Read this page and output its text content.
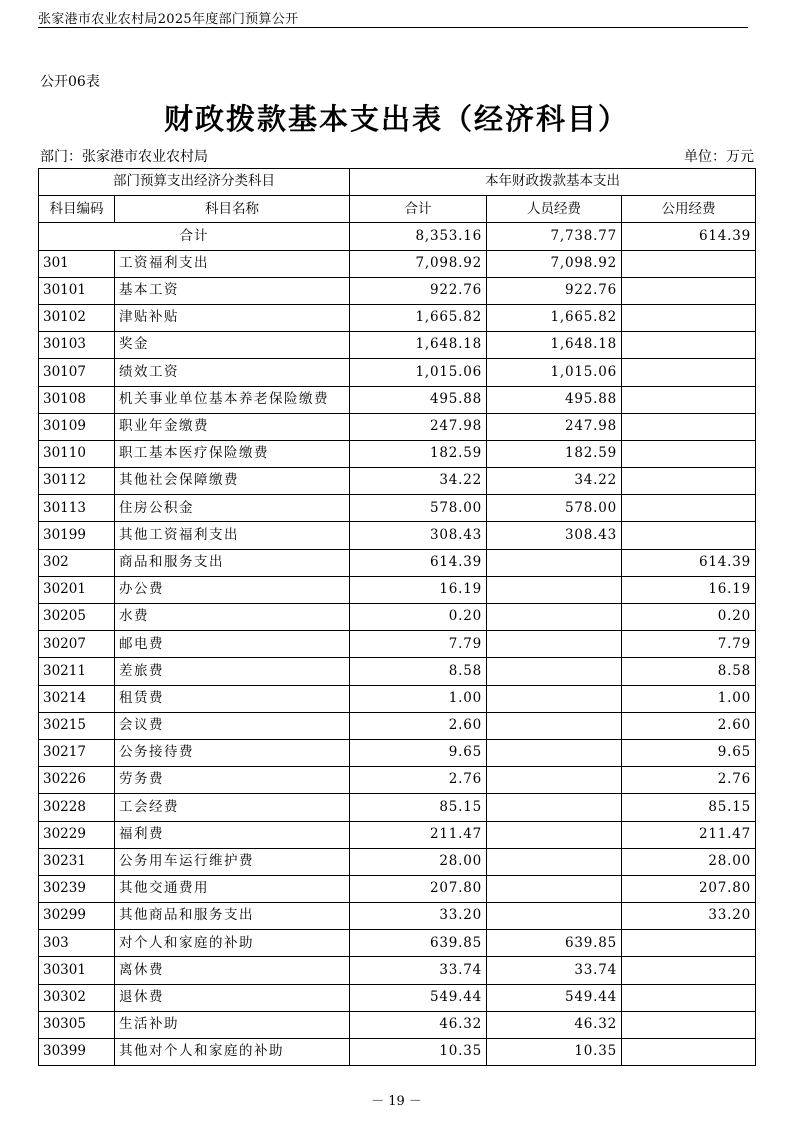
张家港市农业农村局2025年度部门预算公开
公开06表
财政拨款基本支出表（经济科目）
部门：张家港市农业农村局	单位：万元
部门预算支出经济分类科目		本年财政拨款基本支出		
科目编码	科目名称	合计	人员经费	公用经费
合计		8,353.16	7,738.77	614.39
301	工资福利支出	7,098.92	7,098.92	
30101	基本工资	922.76	922.76	
30102	津贴补贴	1,665.82	1,665.82	
30103	奖金	1,648.18	1,648.18	
30107	绩效工资	1,015.06	1,015.06	
30108	机关事业单位基本养老保险缴费	495.88	495.88	
30109	职业年金缴费	247.98	247.98	
30110	职工基本医疗保险缴费	182.59	182.59	
30112	其他社会保障缴费	34.22	34.22	
30113	住房公积金	578.00	578.00	
30199	其他工资福利支出	308.43	308.43	
302	商品和服务支出	614.39		614.39
30201	办公费	16.19		16.19
30205	水费	0.20		0.20
30207	邮电费	7.79		7.79
30211	差旅费	8.58		8.58
30214	租赁费	1.00		1.00
30215	会议费	2.60		2.60
30217	公务接待费	9.65		9.65
30226	劳务费	2.76		2.76
30228	工会经费	85.15		85.15
30229	福利费	211.47		211.47
30231	公务用车运行维护费	28.00		28.00
30239	其他交通费用	207.80		207.80
30299	其他商品和服务支出	33.20		33.20
303	对个人和家庭的补助	639.85	639.85	
30301	离休费	33.74	33.74	
30302	退休费	549.44	549.44	
30305	生活补助	46.32	46.32	
30399	其他对个人和家庭的补助	10.35	10.35	
－ 19 －
